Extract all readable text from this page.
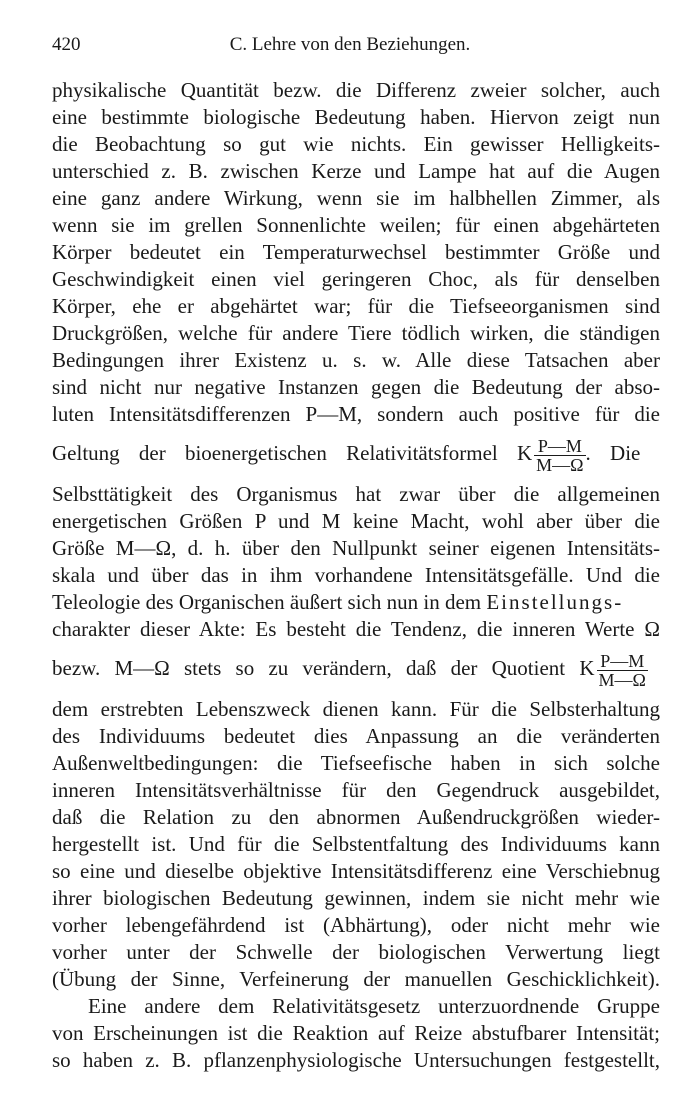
420	C. Lehre von den Beziehungen.
physikalische Quantität bezw. die Differenz zweier solcher, auch
eine bestimmte biologische Bedeutung haben. Hiervon zeigt nun
die Beobachtung so gut wie nichts. Ein gewisser Helligkeits-
unterschied z. B. zwischen Kerze und Lampe hat auf die Augen
eine ganz andere Wirkung, wenn sie im halbhellen Zimmer, als
wenn sie im grellen Sonnenlichte weilen; für einen abgehärteten
Körper bedeutet ein Temperaturwechsel bestimmter Größe und
Geschwindigkeit einen viel geringeren Choc, als für denselben
Körper, ehe er abgehärtet war; für die Tiefseeorganismen sind
Druckgrößen, welche für andere Tiere tödlich wirken, die ständigen
Bedingungen ihrer Existenz u. s. w. Alle diese Tatsachen aber
sind nicht nur negative Instanzen gegen die Bedeutung der abso-
luten Intensitätsdifferenzen P—M, sondern auch positive für die
Geltung der bioenergetischen Relativitätsformel K $\frac{P—M}{M—\Omega}$ . Die
Selbsttätigkeit des Organismus hat zwar über die allgemeinen
energetischen Größen P und M keine Macht, wohl aber über die
Größe M—Ω, d. h. über den Nullpunkt seiner eigenen Intensitäts-
skala und über das in ihm vorhandene Intensitätsgefälle. Und die
Teleologie des Organischen äußert sich nun in dem Einstellungs-
charakter dieser Akte: Es besteht die Tendenz, die inneren Werte Ω
bezw. M—Ω stets so zu verändern, daß der Quotient K $\frac{P—M}{M—\Omega}$
dem erstrebten Lebenszweck dienen kann. Für die Selbsterhaltung
des Individuums bedeutet dies Anpassung an die veränderten
Außenweltbedingungen: die Tiefseefische haben in sich solche
inneren Intensitätsverhältnisse für den Gegendruck ausgebildet,
daß die Relation zu den abnormen Außendruckgrößen wieder-
hergestellt ist. Und für die Selbstentfaltung des Individuums kann
so eine und dieselbe objektive Intensitätsdifferenz eine Verschiebnug
ihrer biologischen Bedeutung gewinnen, indem sie nicht mehr wie
vorher lebengefährdend ist (Abhärtung), oder nicht mehr wie
vorher unter der Schwelle der biologischen Verwertung liegt
(Übung der Sinne, Verfeinerung der manuellen Geschicklichkeit).
Eine andere dem Relativitätsgesetz unterzuordnende Gruppe
von Erscheinungen ist die Reaktion auf Reize abstufbarer Intensität;
so haben z. B. pflanzenphysiologische Untersuchungen festgestellt,
